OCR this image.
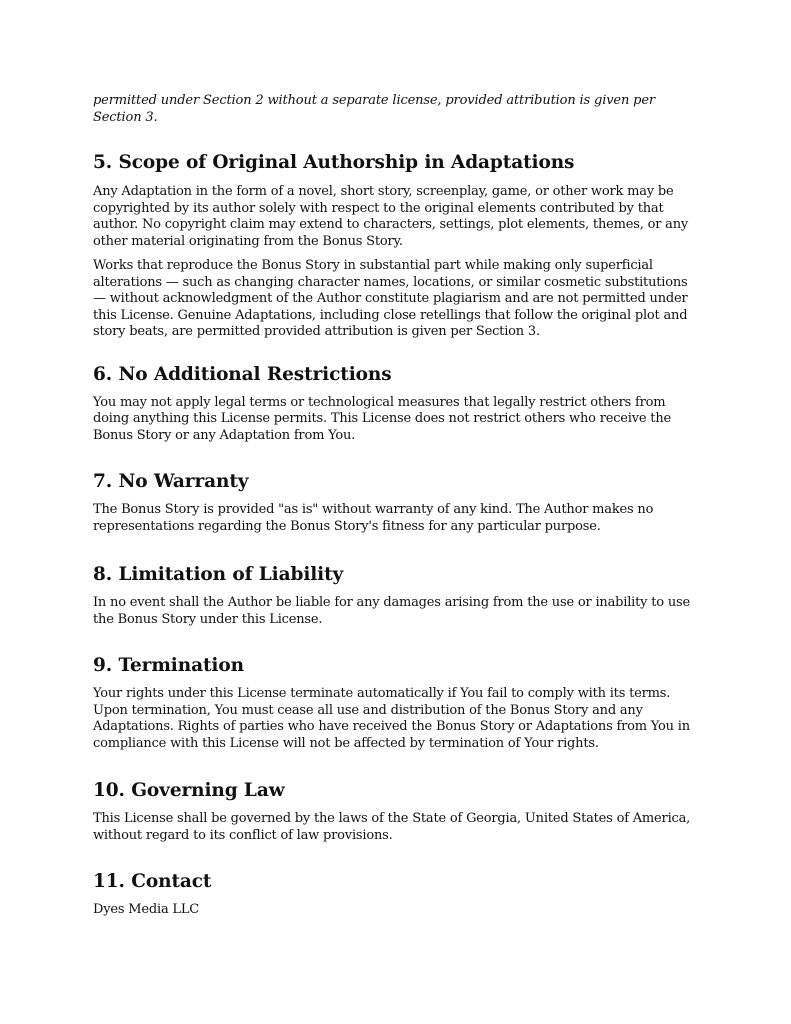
permitted under Section 2 without a separate license, provided attribution is given per Section 3.

5. Scope of Original Authorship in Adaptations

Any Adaptation in the form of a novel, short story, screenplay, game, or other work may be copyrighted by its author solely with respect to the original elements contributed by that author. No copyright claim may extend to characters, settings, plot elements, themes, or any other material originating from the Bonus Story.

Works that reproduce the Bonus Story in substantial part while making only superficial alterations — such as changing character names, locations, or similar cosmetic substitutions — without acknowledgment of the Author constitute plagiarism and are not permitted under this License. Genuine Adaptations, including close retellings that follow the original plot and story beats, are permitted provided attribution is given per Section 3.

6. No Additional Restrictions

You may not apply legal terms or technological measures that legally restrict others from doing anything this License permits. This License does not restrict others who receive the Bonus Story or any Adaptation from You.

7. No Warranty

The Bonus Story is provided "as is" without warranty of any kind. The Author makes no representations regarding the Bonus Story's fitness for any particular purpose.

8. Limitation of Liability

In no event shall the Author be liable for any damages arising from the use or inability to use the Bonus Story under this License.

9. Termination

Your rights under this License terminate automatically if You fail to comply with its terms. Upon termination, You must cease all use and distribution of the Bonus Story and any Adaptations. Rights of parties who have received the Bonus Story or Adaptations from You in compliance with this License will not be affected by termination of Your rights.

10. Governing Law

This License shall be governed by the laws of the State of Georgia, United States of America, without regard to its conflict of law provisions.

11. Contact

Dyes Media LLC
